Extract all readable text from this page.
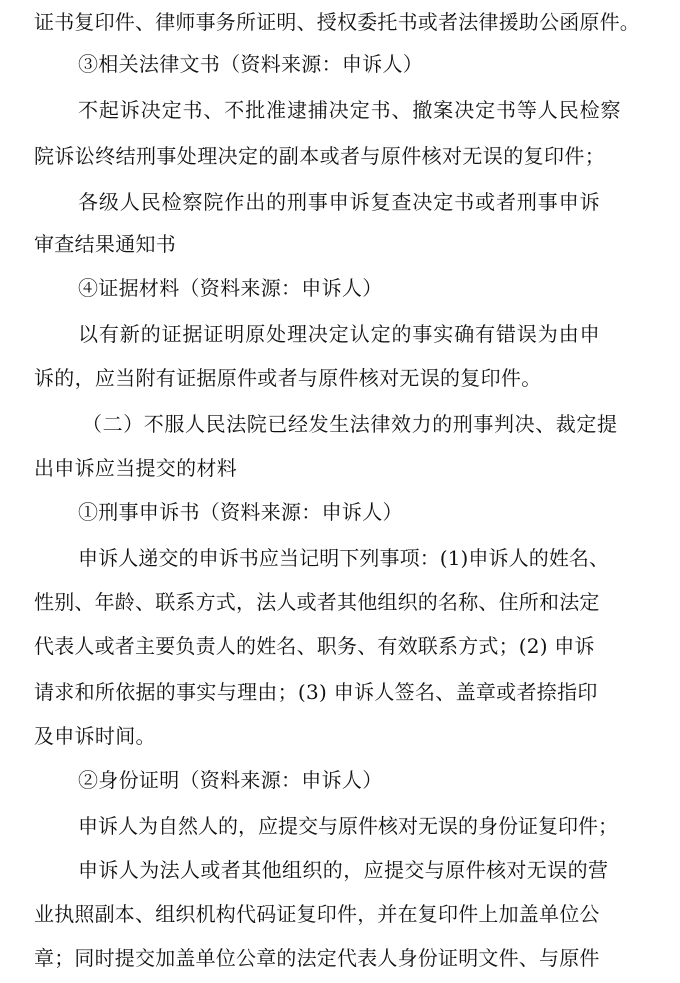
证书复印件、律师事务所证明、授权委托书或者法律援助公函原件。
③相关法律文书（资料来源：申诉人）
不起诉决定书、不批准逮捕决定书、撤案决定书等人民检察
院诉讼终结刑事处理决定的副本或者与原件核对无误的复印件；
各级人民检察院作出的刑事申诉复查决定书或者刑事申诉
审查结果通知书
④证据材料（资料来源：申诉人）
以有新的证据证明原处理决定认定的事实确有错误为由申
诉的，应当附有证据原件或者与原件核对无误的复印件。
（二）不服人民法院已经发生法律效力的刑事判决、裁定提
出申诉应当提交的材料
①刑事申诉书（资料来源：申诉人）
申诉人递交的申诉书应当记明下列事项：(1)申诉人的姓名、
性别、年龄、联系方式，法人或者其他组织的名称、住所和法定
代表人或者主要负责人的姓名、职务、有效联系方式；(2) 申诉
请求和所依据的事实与理由；(3) 申诉人签名、盖章或者捺指印
及申诉时间。
②身份证明（资料来源：申诉人）
申诉人为自然人的，应提交与原件核对无误的身份证复印件；
申诉人为法人或者其他组织的，应提交与原件核对无误的营
业执照副本、组织机构代码证复印件，并在复印件上加盖单位公
章；同时提交加盖单位公章的法定代表人身份证明文件、与原件
